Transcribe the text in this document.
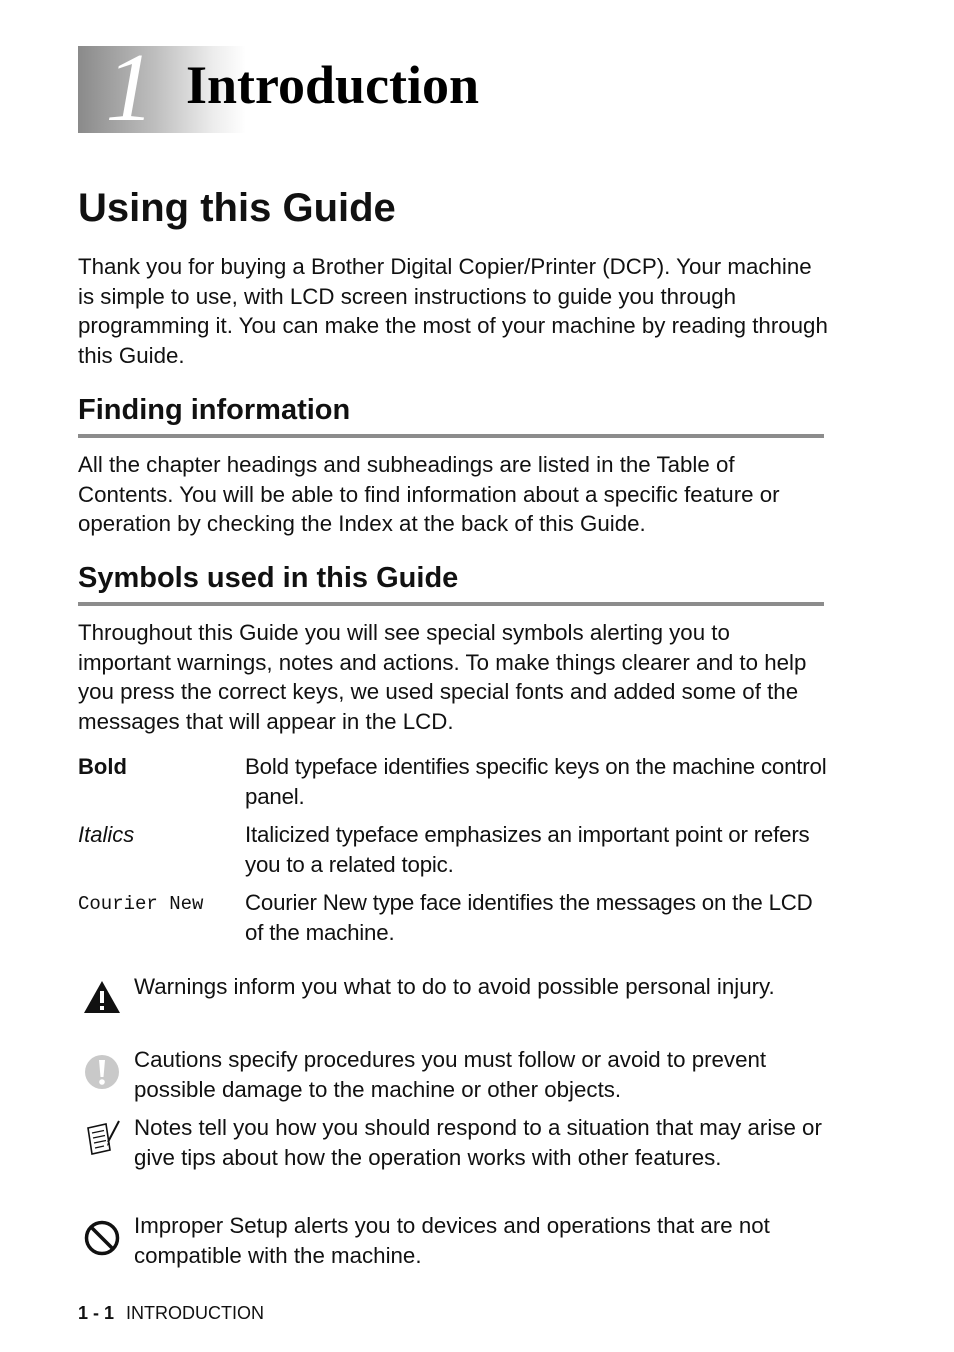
1 Introduction
Using this Guide
Thank you for buying a Brother Digital Copier/Printer (DCP). Your machine is simple to use, with LCD screen instructions to guide you through programming it. You can make the most of your machine by reading through this Guide.
Finding information
All the chapter headings and subheadings are listed in the Table of Contents. You will be able to find information about a specific feature or operation by checking the Index at the back of this Guide.
Symbols used in this Guide
Throughout this Guide you will see special symbols alerting you to important warnings, notes and actions. To make things clearer and to help you press the correct keys, we used special fonts and added some of the messages that will appear in the LCD.
Bold	Bold typeface identifies specific keys on the machine control panel.
Italics	Italicized typeface emphasizes an important point or refers you to a related topic.
Courier New	Courier New type face identifies the messages on the LCD of the machine.
Warnings inform you what to do to avoid possible personal injury.
Cautions specify procedures you must follow or avoid to prevent possible damage to the machine or other objects.
Notes tell you how you should respond to a situation that may arise or give tips about how the operation works with other features.
Improper Setup alerts you to devices and operations that are not compatible with the machine.
1 - 1 INTRODUCTION
